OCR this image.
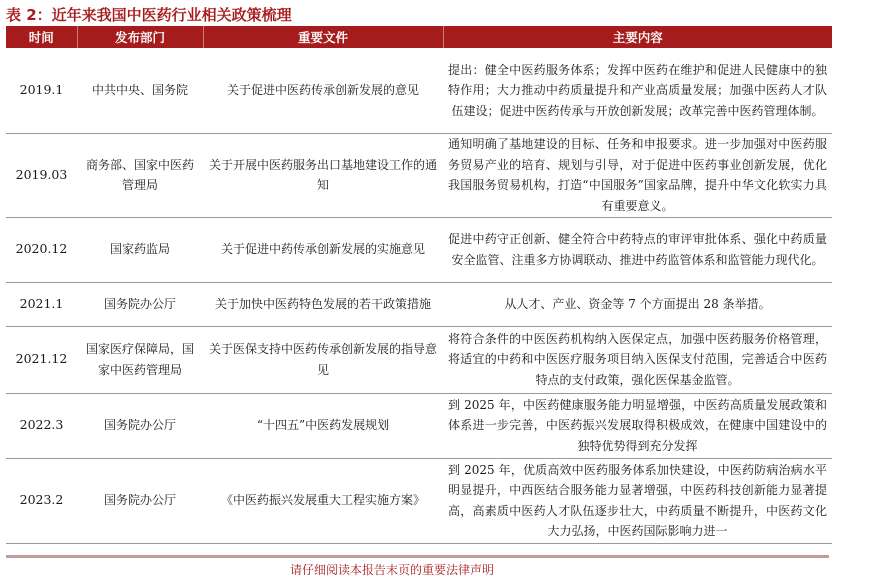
表 2：近年来我国中医药行业相关政策梳理
时间	发布部门	重要文件	主要内容
2019.1	中共中央、国务院	关于促进中医药传承创新发展的意见	提出：健全中医药服务体系；发挥中医药在维护和促进人民健康中的独特作用；大力推动中药质量提升和产业高质量发展；加强中医药人才队伍建设；促进中医药传承与开放创新发展；改革完善中医药管理体制。
2019.03	商务部、国家中医药管理局	关于开展中医药服务出口基地建设工作的通知	通知明确了基地建设的目标、任务和申报要求。进一步加强对中医药服务贸易产业的培育、规划与引导，对于促进中医药事业创新发展，优化我国服务贸易机构，打造“中国服务”国家品牌，提升中华文化软实力具有重要意义。
2020.12	国家药监局	关于促进中药传承创新发展的实施意见	促进中药守正创新、健全符合中药特点的审评审批体系、强化中药质量安全监管、注重多方协调联动、推进中药监管体系和监管能力现代化。
2021.1	国务院办公厅	关于加快中医药特色发展的若干政策措施	从人才、产业、资金等 7 个方面提出 28 条举措。
2021.12	国家医疗保障局，国家中医药管理局	关于医保支持中医药传承创新发展的指导意见	将符合条件的中医医药机构纳入医保定点，加强中医药服务价格管理，将适宜的中药和中医医疗服务项目纳入医保支付范围，完善适合中医药特点的支付政策，强化医保基金监管。
2022.3	国务院办公厅	“十四五”中医药发展规划	到 2025 年，中医药健康服务能力明显增强，中医药高质量发展政策和体系进一步完善，中医药振兴发展取得积极成效，在健康中国建设中的独特优势得到充分发挥
2023.2	国务院办公厅	《中医药振兴发展重大工程实施方案》	到 2025 年，优质高效中医药服务体系加快建设，中医药防病治病水平明显提升，中西医结合服务能力显著增强，中医药科技创新能力显著提高，高素质中医药人才队伍逐步壮大，中药质量不断提升，中医药文化大力弘扬，中医药国际影响力进一
请仔细阅读本报告末页的重要法律声明
